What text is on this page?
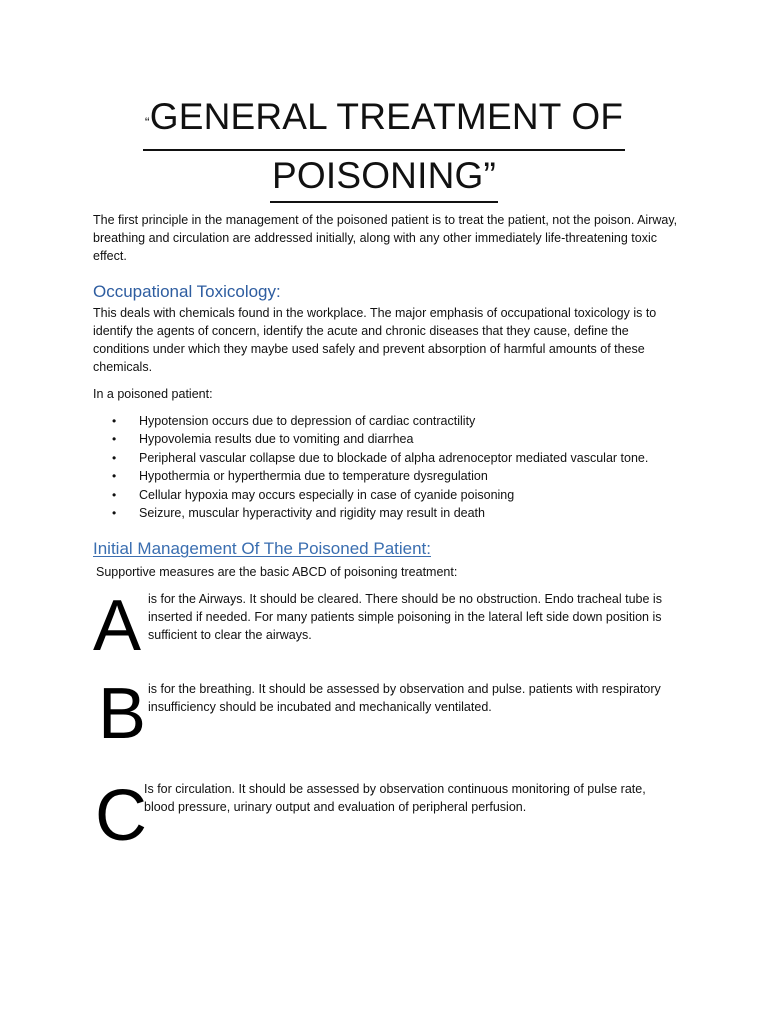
“GENERAL TREATMENT OF
POISONING”
The first principle in the management of the poisoned patient is to treat the patient, not the poison. Airway, breathing and circulation are addressed initially, along with any other immediately life-threatening toxic effect.
Occupational Toxicology:
This deals with chemicals found in the workplace. The major emphasis of occupational toxicology is to identify the agents of concern, identify the acute and chronic diseases that they cause, define the conditions under which they maybe used safely and prevent absorption of harmful amounts of these chemicals.
In a poisoned patient:
• Hypotension occurs due to depression of cardiac contractility
• Hypovolemia results due to vomiting and diarrhea
• Peripheral vascular collapse due to blockade of alpha adrenoceptor mediated vascular tone.
• Hypothermia or hyperthermia due to temperature dysregulation
• Cellular hypoxia may occurs especially in case of cyanide poisoning
• Seizure, muscular hyperactivity and rigidity may result in death
Initial Management Of The Poisoned Patient:
Supportive measures are the basic ABCD of poisoning treatment:
A is for the Airways. It should be cleared. There should be no obstruction. Endo tracheal tube is inserted if needed. For many patients simple poisoning in the lateral left side down position is sufficient to clear the airways.
B is for the breathing. It should be assessed by observation and pulse. patients with respiratory insufficiency should be incubated and mechanically ventilated.
C
Is for circulation. It should be assessed by observation continuous monitoring of pulse rate, blood pressure, urinary output and evaluation of peripheral perfusion.
